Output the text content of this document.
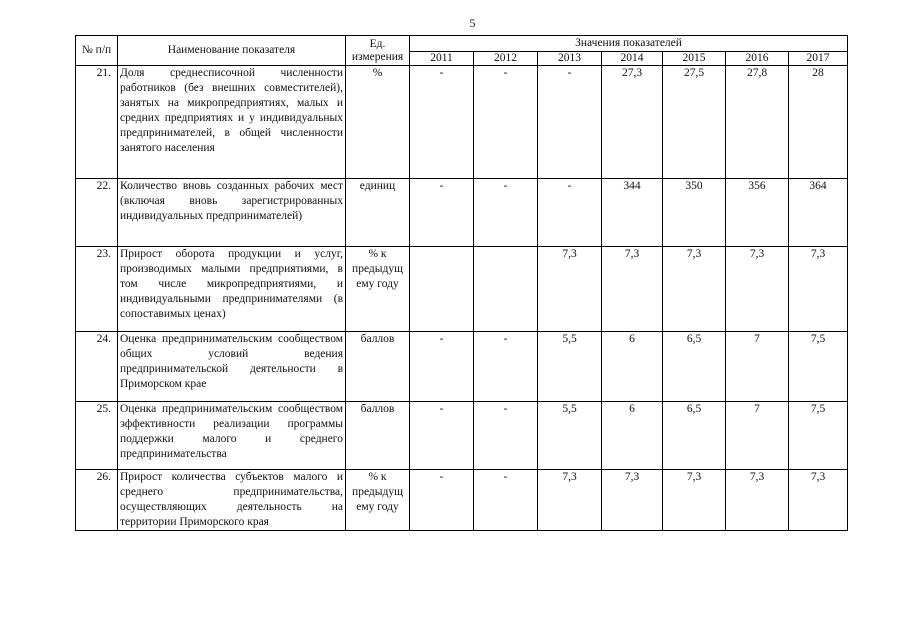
5
№ п/п	Наименование показателя	Ед. измерения	Значения показателей						
			2011	2012	2013	2014	2015	2016	2017
21.	Доля среднесписочной численности работников (без внешних совместителей), занятых на микропредприятиях, малых и средних предприятиях и у индивидуальных предпринимателей, в общей численности занятого населения	%	-	-	-	27,3	27,5	27,8	28
22.	Количество вновь созданных рабочих мест (включая вновь зарегистрированных индивидуальных предпринимателей)	единиц	-	-	-	344	350	356	364
23.	Прирост оборота продукции и услуг, производимых малыми предприятиями, в том числе микропредприятиями, и индивидуальными предпринимателями (в сопоставимых ценах)	% к предыдущ ему году			7,3	7,3	7,3	7,3	7,3
24.	Оценка предпринимательским сообществом общих условий ведения предпринимательской деятельности в Приморском крае	баллов	-	-	5,5	6	6,5	7	7,5
25.	Оценка предпринимательским сообществом эффективности реализации программы поддержки малого и среднего предпринимательства	баллов	-	-	5,5	6	6,5	7	7,5
26.	Прирост количества субъектов малого и среднего предпринимательства, осуществляющих деятельность на территории Приморского края	% к предыдущ ему году	-	-	7,3	7,3	7,3	7,3	7,3
